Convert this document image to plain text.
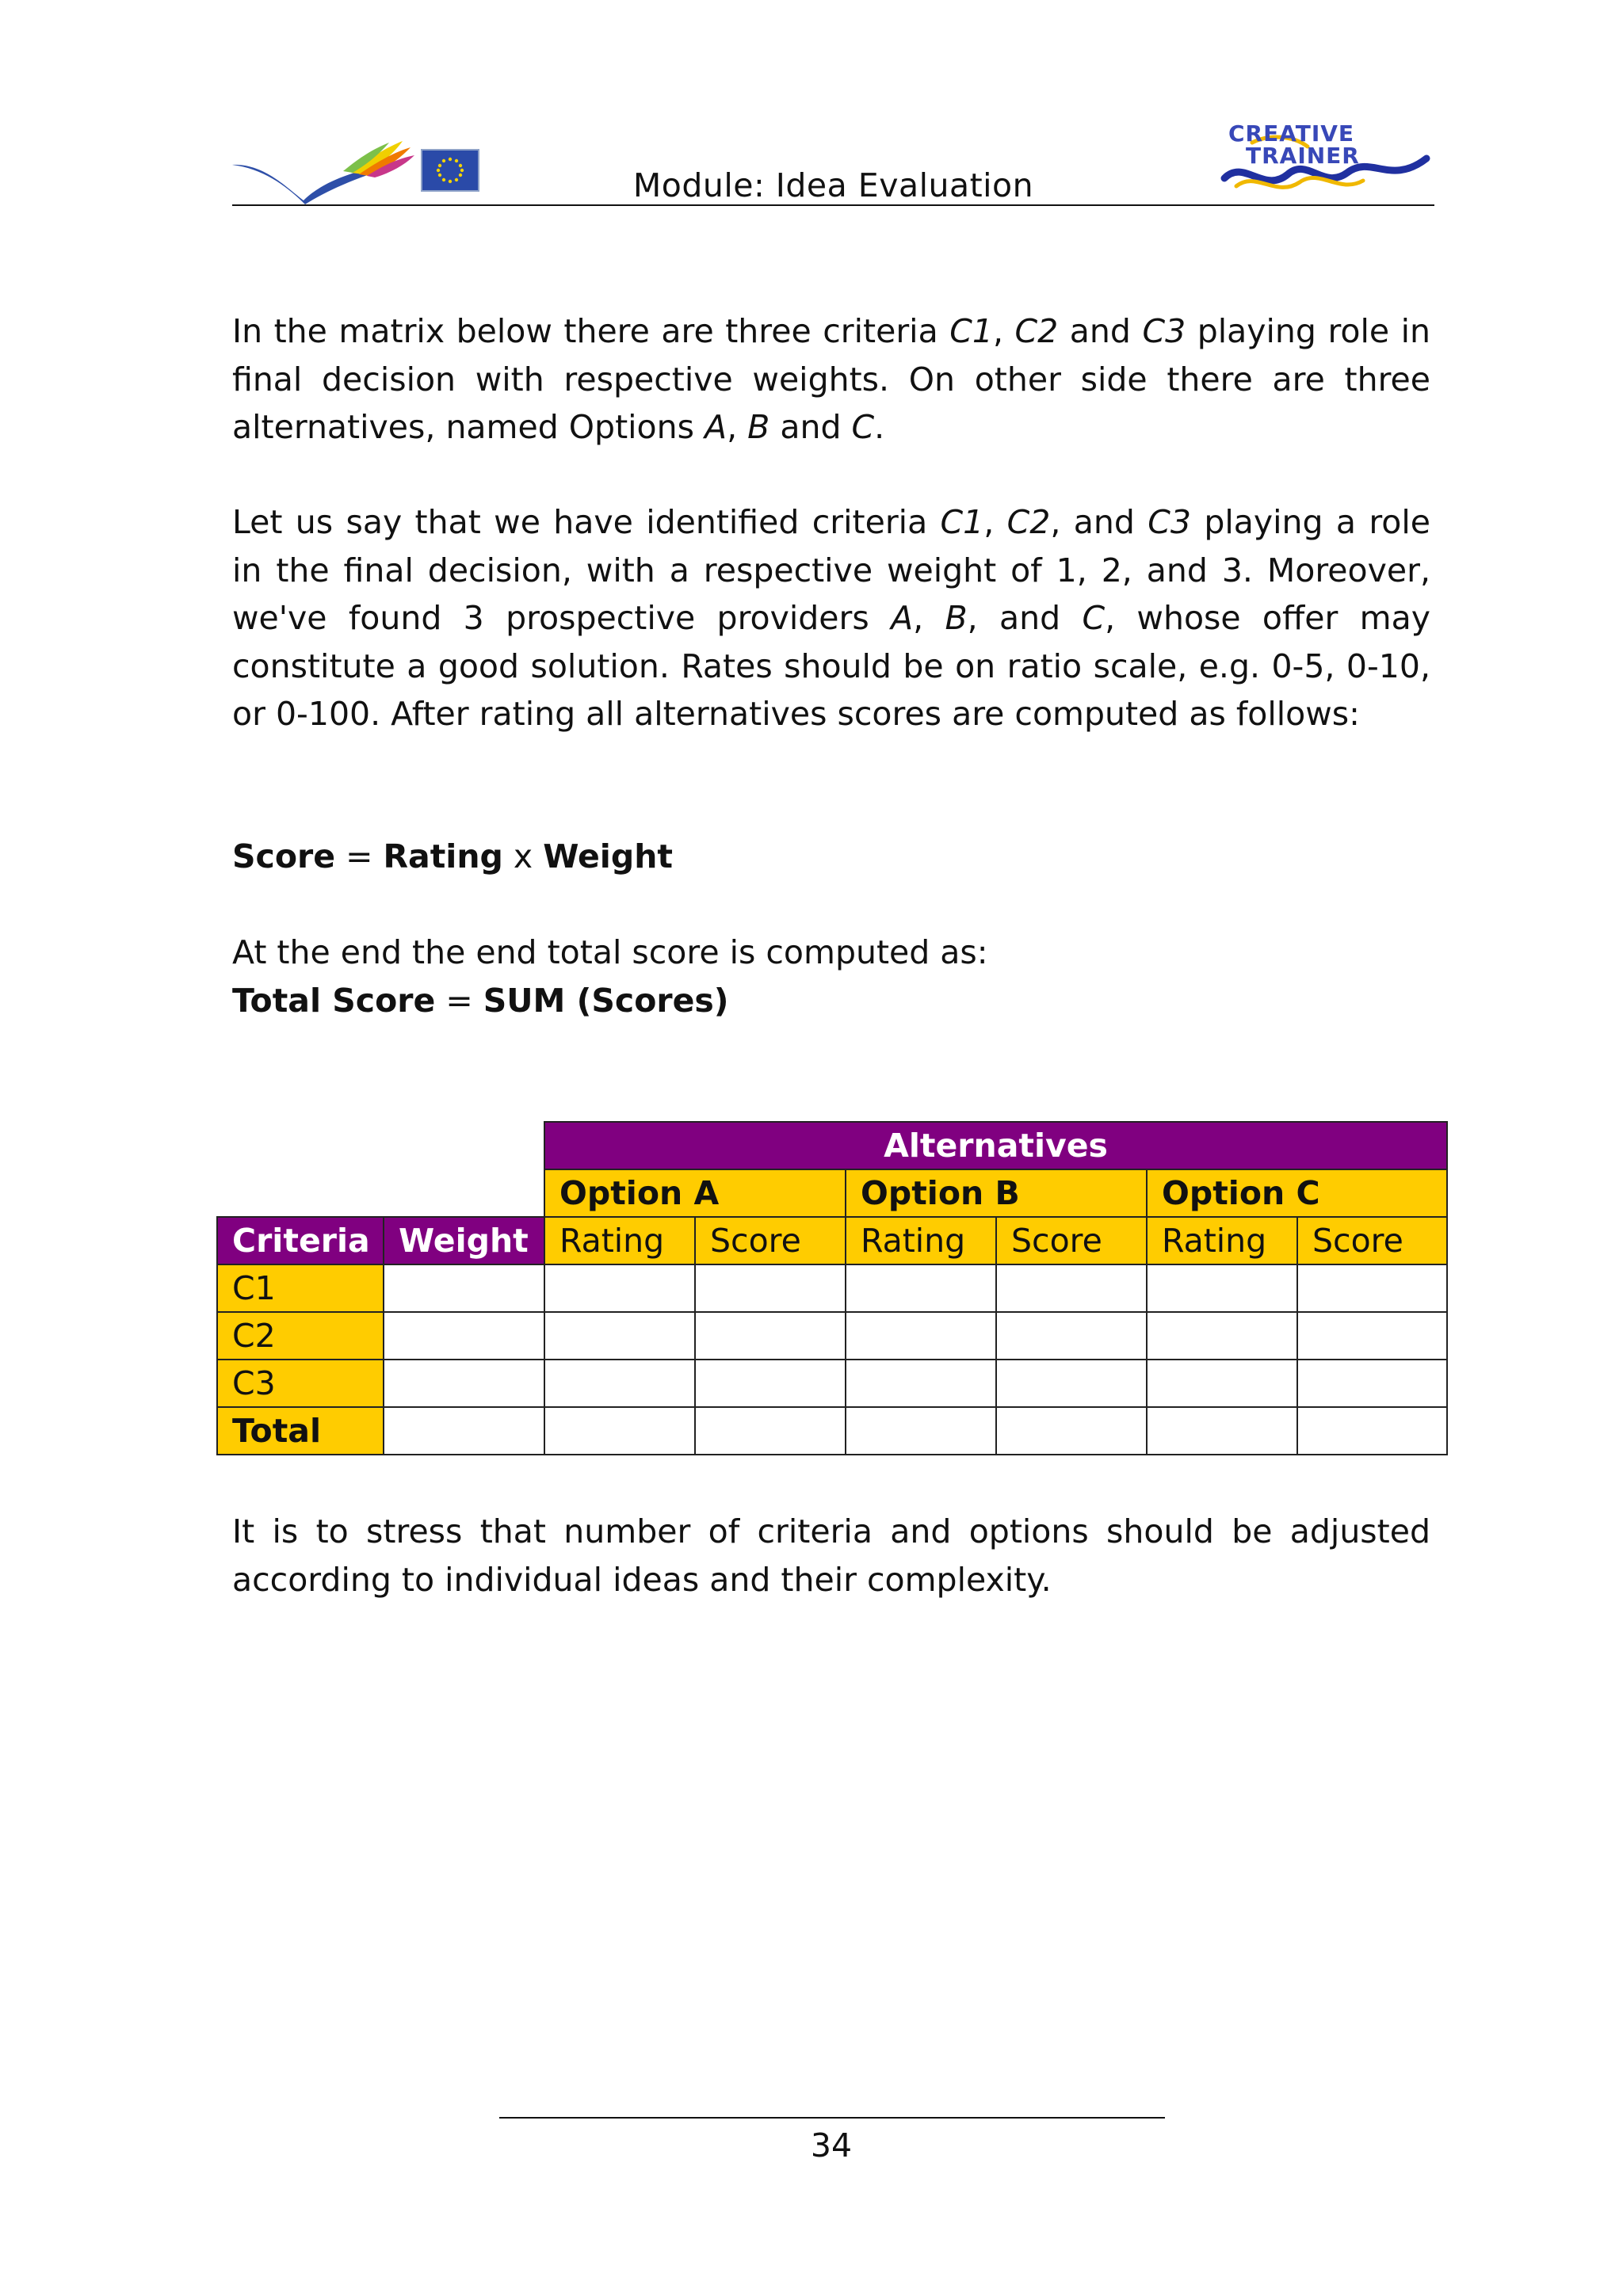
Module: Idea Evaluation
CREATIVE
TRAINER

In the matrix below there are three criteria C1, C2 and C3 playing role in final decision with respective weights. On other side there are three alternatives, named Options A, B and C.

Let us say that we have identified criteria C1, C2, and C3 playing a role in the final decision, with a respective weight of 1, 2, and 3. Moreover, we've found 3 prospective providers A, B, and C, whose offer may constitute a good solution. Rates should be on ratio scale, e.g. 0-5, 0-10, or 0-100. After rating all alternatives scores are computed as follows:

Score = Rating x Weight

At the end the end total score is computed as:

Total Score = SUM (Scores)

		Alternatives					
		Option A		Option B		Option C	
Criteria	Weight	Rating	Score	Rating	Score	Rating	Score
C1							
C2							
C3							
Total							

It is to stress that number of criteria and options should be adjusted according to individual ideas and their complexity.

34
